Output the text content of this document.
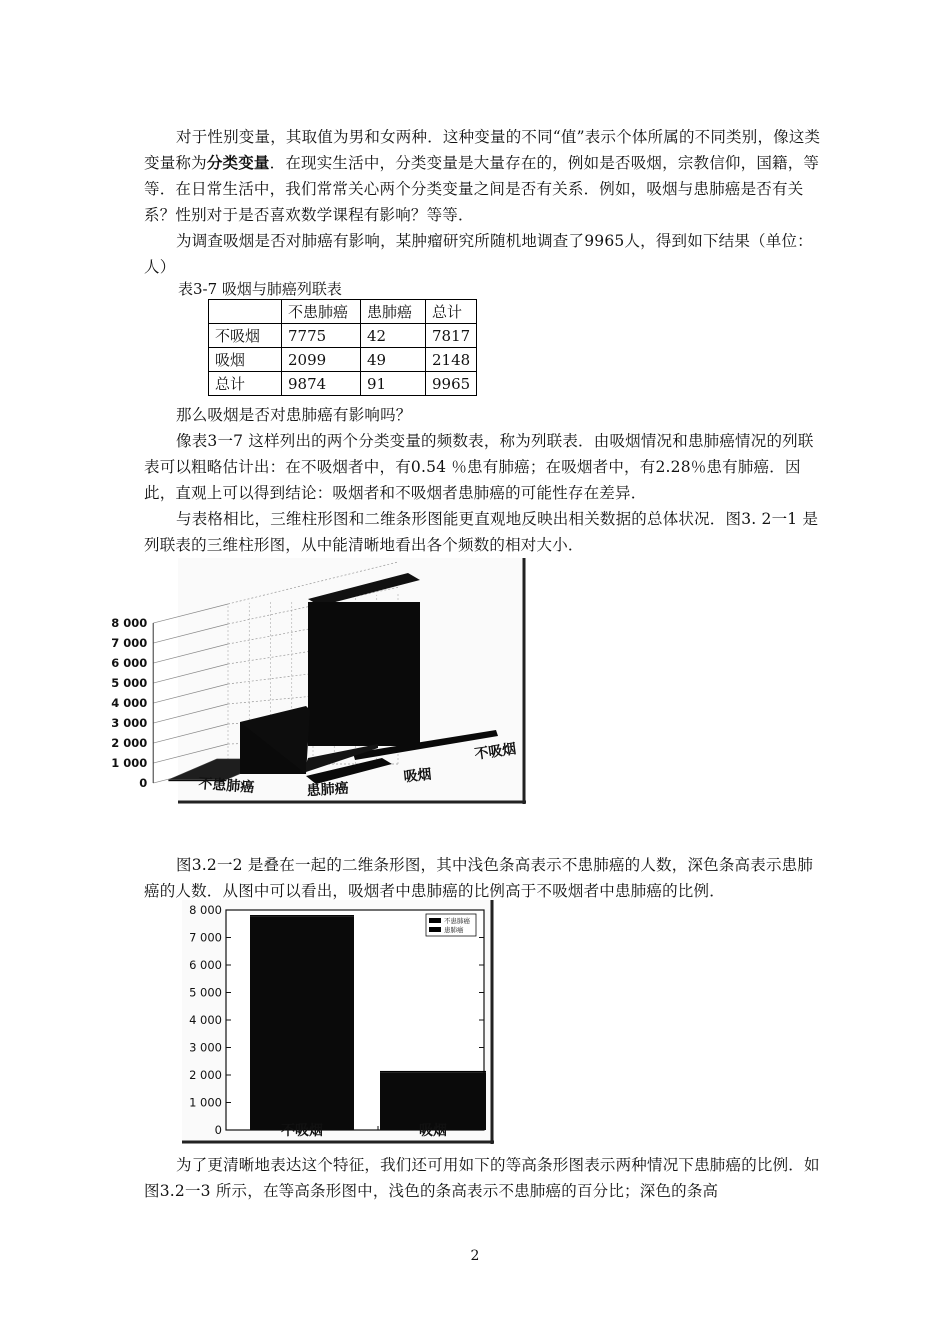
对于性别变量，其取值为男和女两种．这种变量的不同“值”表示个体所属的不同类别，像这类变量称为分类变量．在现实生活中，分类变量是大量存在的，例如是否吸烟，宗教信仰，国籍，等等．在日常生活中，我们常常关心两个分类变量之间是否有关系．例如，吸烟与患肺癌是否有关系？性别对于是否喜欢数学课程有影响？等等．

为调查吸烟是否对肺癌有影响，某肿瘤研究所随机地调查了9965人，得到如下结果（单位：人）

表3-7 吸烟与肺癌列联表
	不患肺癌	患肺癌	总计
不吸烟	7775	42	7817
吸烟	2099	49	2148
总计	9874	91	9965

那么吸烟是否对患肺癌有影响吗？

像表3一7 这样列出的两个分类变量的频数表，称为列联表．由吸烟情况和患肺癌情况的列联表可以粗略估计出：在不吸烟者中，有0.54 ％患有肺癌；在吸烟者中，有2.28％患有肺癌．因此，直观上可以得到结论：吸烟者和不吸烟者患肺癌的可能性存在差异．

与表格相比，三维柱形图和二维条形图能更直观地反映出相关数据的总体状况．图3. 2一1 是列联表的三维柱形图，从中能清晰地看出各个频数的相对大小．

0
1 000
2 000
3 000
4 000
5 000
6 000
7 000
8 000
不患肺癌	患肺癌
吸烟
不吸烟

图3.2一2 是叠在一起的二维条形图，其中浅色条高表示不患肺癌的人数，深色条高表示患肺癌的人数．从图中可以看出，吸烟者中患肺癌的比例高于不吸烟者中患肺癌的比例．

0
1 000
2 000
3 000
4 000
5 000
6 000
7 000
8 000
不吸烟	吸烟
不患肺癌
患肺癌

为了更清晰地表达这个特征，我们还可用如下的等高条形图表示两种情况下患肺癌的比例．如图3.2一3 所示，在等高条形图中，浅色的条高表示不患肺癌的百分比；深色的条高

2
